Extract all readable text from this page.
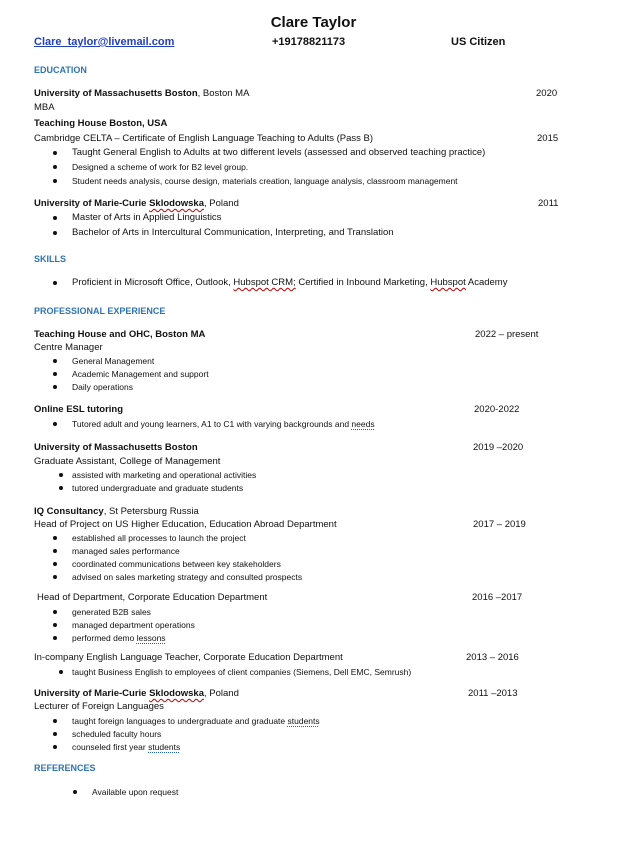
Clare Taylor
Clare_taylor@livemail.com	+19178821173	US Citizen
EDUCATION
University of Massachusetts Boston, Boston MA	2020
MBA
Teaching House Boston, USA
Cambridge CELTA – Certificate of English Language Teaching to Adults (Pass B)	2015
Taught General English to Adults at two different levels (assessed and observed teaching practice)
Designed a scheme of work for B2 level group.
Student needs analysis, course design, materials creation, language analysis, classroom management
University of Marie-Curie Sklodowska, Poland	2011
Master of Arts in Applied Linguistics
Bachelor of Arts in Intercultural Communication, Interpreting, and Translation
SKILLS
Proficient in Microsoft Office, Outlook, Hubspot CRM; Certified in Inbound Marketing, Hubspot Academy
PROFESSIONAL EXPERIENCE
Teaching House and OHC, Boston MA	2022 – present
Centre Manager
General Management
Academic Management and support
Daily operations
Online ESL tutoring	2020-2022
Tutored adult and young learners, A1 to C1 with varying backgrounds and needs
University of Massachusetts Boston	2019 –2020
Graduate Assistant, College of Management
assisted with marketing and operational activities
tutored undergraduate and graduate students
IQ Consultancy, St Petersburg Russia
Head of Project on US Higher Education, Education Abroad Department	2017 – 2019
established all processes to launch the project
managed sales performance
coordinated communications between key stakeholders
advised on sales marketing strategy and consulted prospects
Head of Department, Corporate Education Department	2016 –2017
generated B2B sales
managed department operations
performed demo lessons
In-company English Language Teacher, Corporate Education Department	2013 – 2016
taught Business English to employees of client companies (Siemens, Dell EMC, Semrush)
University of Marie-Curie Sklodowska, Poland	2011 –2013
Lecturer of Foreign Languages
taught foreign languages to undergraduate and graduate students
scheduled faculty hours
counseled first year students
REFERENCES
Available upon request
